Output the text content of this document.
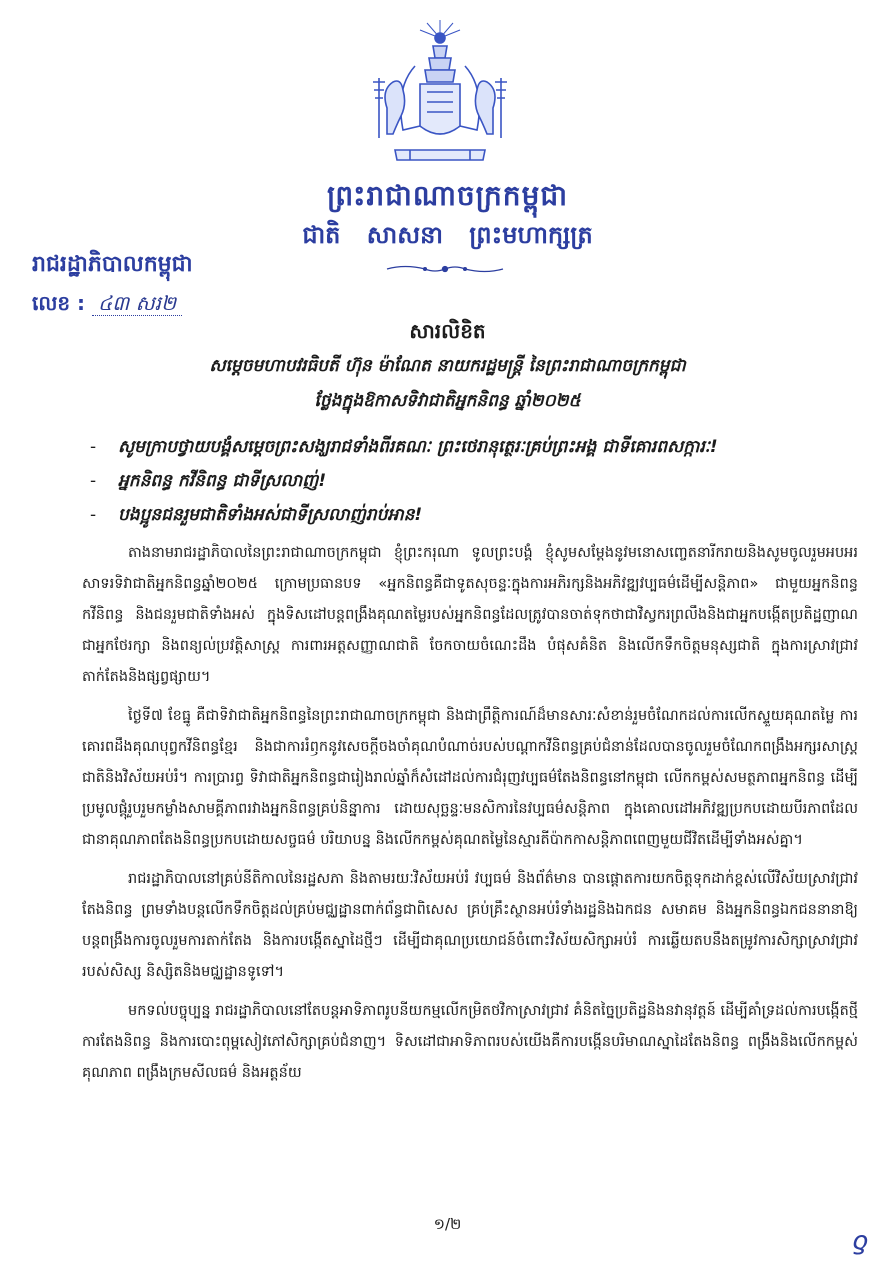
ព្រះរាជាណាចក្រកម្ពុជា
ជាតិ សាសនា ព្រះមហាក្សត្រ
រាជរដ្ឋាភិបាលកម្ពុជា
លេខ : ៤៣ សរ២
សារលិខិត
សម្តេចមហាបវរធិបតី ហ៊ុន ម៉ាណែត នាយករដ្ឋមន្ត្រី នៃព្រះរាជាណាចក្រកម្ពុជា
ថ្លែងក្នុងឱកាសទិវាជាតិអ្នកនិពន្ធ ឆ្នាំ២០២៥
- សូមក្រាបថ្វាយបង្គំសម្តេចព្រះសង្ឃរាជទាំងពីរគណៈ ព្រះថេរានុត្ថេរៈគ្រប់ព្រះអង្គ ជាទីគោរពសក្ការៈ!
- អ្នកនិពន្ធ កវីនិពន្ធ ជាទីស្រលាញ់!
- បងប្អូនជនរួមជាតិទាំងអស់ជាទីស្រលាញ់រាប់អាន!

តាងនាមរាជរដ្ឋាភិបាលនៃព្រះរាជាណាចក្រកម្ពុជា ខ្ញុំព្រះករុណា ទូលព្រះបង្គំ ខ្ញុំសូមសម្តែងនូវមនោសញ្ចេតនារីករាយនិងសូមចូលរួមអបអរសាទរទិវាជាតិអ្នកនិពន្ធឆ្នាំ២០២៥ ក្រោមប្រធានបទ «អ្នកនិពន្ធគឺជាទូតសុចន្ទៈក្នុងការអភិរក្សនិងអភិវឌ្ឍវប្បធម៌ដើម្បីសន្តិភាព» ជាមួយអ្នកនិពន្ធ កវីនិពន្ធ និងជនរួមជាតិទាំងអស់ ក្នុងទិសដៅបន្តពង្រឹងគុណតម្លៃរបស់អ្នកនិពន្ធដែលត្រូវបានចាត់ទុកថាជាវិស្វករព្រលឹងនិងជាអ្នកបង្កើតប្រតិដ្ឋញាណ ជាអ្នកថែរក្សា និងពន្យល់ប្រវត្តិសាស្ត្រ ការពារអត្តសញ្ញាណជាតិ ចែកចាយចំណេះដឹង បំផុសគំនិត និងលើកទឹកចិត្តមនុស្សជាតិ ក្នុងការស្រាវជ្រាវតាក់តែងនិងផ្សព្វផ្សាយ។

ថ្ងៃទី៧ ខែធ្នូ គឺជាទិវាជាតិអ្នកនិពន្ធនៃព្រះរាជាណាចក្រកម្ពុជា និងជាព្រឹត្តិការណ៍ដ៏មានសារៈសំខាន់រួមចំណែកដល់ការលើកស្ទួយគុណតម្លៃ ការគោរពដឹងគុណបុព្វកវីនិពន្ធខ្មែរ និងជាការរំឭកនូវសេចក្តីចងចាំគុណបំណាច់របស់បណ្តាកវីនិពន្ធគ្រប់ជំនាន់ដែលបានចូលរួមចំណែកពង្រឹងអក្សរសាស្ត្រជាតិនិងវិស័យអប់រំ។ ការប្រារព្ធ ទិវាជាតិអ្នកនិពន្ធជារៀងរាល់ឆ្នាំក៏សំដៅដល់ការជំរុញវប្បធម៌តែងនិពន្ធនៅកម្ពុជា លើកកម្ពស់សមត្ថភាពអ្នកនិពន្ធ ដើម្បីប្រមូលផ្តុំរួបរួមកម្លាំងសាមគ្គីភាពរវាងអ្នកនិពន្ធគ្រប់និន្នាការ ដោយសុច្ឆន្ទៈមនសិការនៃវប្បធម៌សន្តិភាព ក្នុងគោលដៅអភិវឌ្ឍប្រកបដោយបីរភាពដែលជានាគុណភាពតែងនិពន្ធប្រកបដោយសច្ចធម៌ បរិយាបន្ន និងលើកកម្ពស់គុណតម្លៃនៃស្មារតីប៉ាកកាសន្តិភាពពេញមួយជីវិតដើម្បីទាំងអស់គ្នា។

រាជរដ្ឋាភិបាលនៅគ្រប់នីតិកាលនៃរដ្ឋសភា និងតាមរយៈវិស័យអប់រំ វប្បធម៌ និងព័ត៌មាន បានផ្តោតការយកចិត្តទុកដាក់ខ្ពស់លើវិស័យស្រាវជ្រាវ តែងនិពន្ធ ព្រមទាំងបន្តលើកទឹកចិត្តដល់គ្រប់មជ្ឈដ្ឋានពាក់ព័ន្ធជាពិសេស គ្រប់គ្រឹះស្ថានអប់រំទាំងរដ្ឋនិងឯកជន សមាគម និងអ្នកនិពន្ធឯកជននានាឱ្យបន្តពង្រឹងការចូលរួមការតាក់តែង និងការបង្កើតស្នាដៃថ្មីៗ ដើម្បីជាគុណប្រយោជន៍ចំពោះវិស័យសិក្សាអប់រំ ការឆ្លើយតបនឹងតម្រូវការសិក្សាស្រាវជ្រាវ របស់សិស្ស និស្សិតនិងមជ្ឈដ្ឋានទូទៅ។

មកទល់បច្ចុប្បន្ន រាជរដ្ឋាភិបាលនៅតែបន្តអាទិភាពរូបនីយកម្មលើកម្រិតថវិកាស្រាវជ្រាវ គំនិតច្នៃប្រតិដ្ឋនិងនវានុវត្តន៍ ដើម្បីគាំទ្រដល់ការបង្កើតថ្មី ការតែងនិពន្ធ និងការបោះពុម្ពសៀវភៅសិក្សាគ្រប់ជំនាញ។ ទិសដៅជាអាទិភាពរបស់យើងគឺការបង្កើនបរិមាណស្នាដៃតែងនិពន្ធ ពង្រឹងនិងលើកកម្ពស់គុណភាព ពង្រឹងក្រមសីលធម៌ និងអត្តន័យ

១/២
ƍ
